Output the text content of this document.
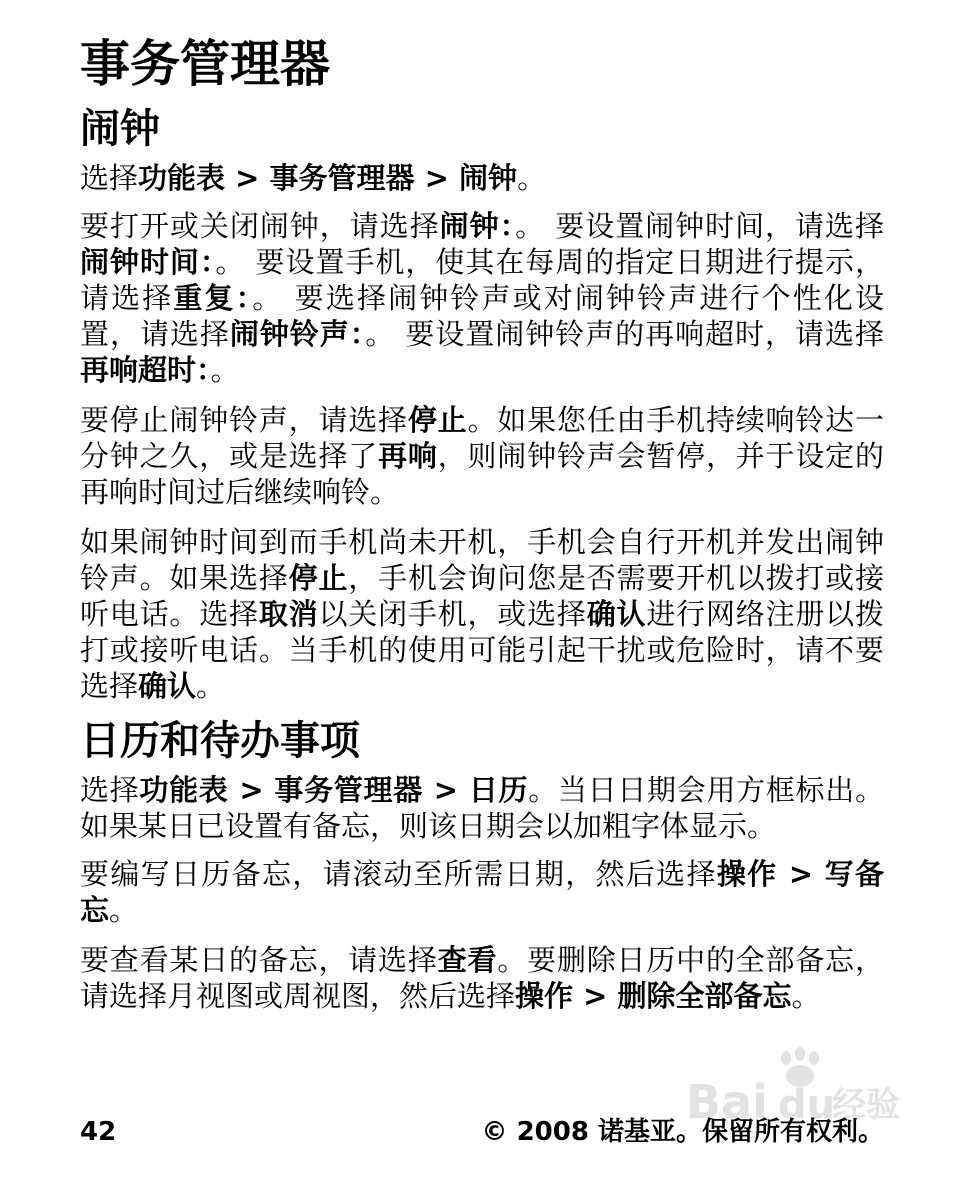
事务管理器
闹钟

选择功能表 > 事务管理器 > 闹钟。

要打开或关闭闹钟，请选择闹钟：。 要设置闹钟时间，请选择闹钟时间：。 要设置手机，使其在每周的指定日期进行提示，请选择重复：。 要选择闹钟铃声或对闹钟铃声进行个性化设置，请选择闹钟铃声：。 要设置闹钟铃声的再响超时，请选择再响超时：。

要停止闹钟铃声，请选择停止。如果您任由手机持续响铃达一分钟之久，或是选择了再响，则闹钟铃声会暂停，并于设定的再响时间过后继续响铃。

如果闹钟时间到而手机尚未开机，手机会自行开机并发出闹钟铃声。如果选择停止，手机会询问您是否需要开机以拨打或接听电话。选择取消以关闭手机，或选择确认进行网络注册以拨打或接听电话。当手机的使用可能引起干扰或危险时，请不要选择确认。

日历和待办事项

选择功能表 > 事务管理器 > 日历。当日日期会用方框标出。如果某日已设置有备忘，则该日期会以加粗字体显示。

要编写日历备忘，请滚动至所需日期，然后选择操作 > 写备忘。

要查看某日的备忘，请选择查看。要删除日历中的全部备忘，请选择月视图或周视图，然后选择操作 > 删除全部备忘。

42	© 2008 诺基亚。保留所有权利。
Bai du
经验
